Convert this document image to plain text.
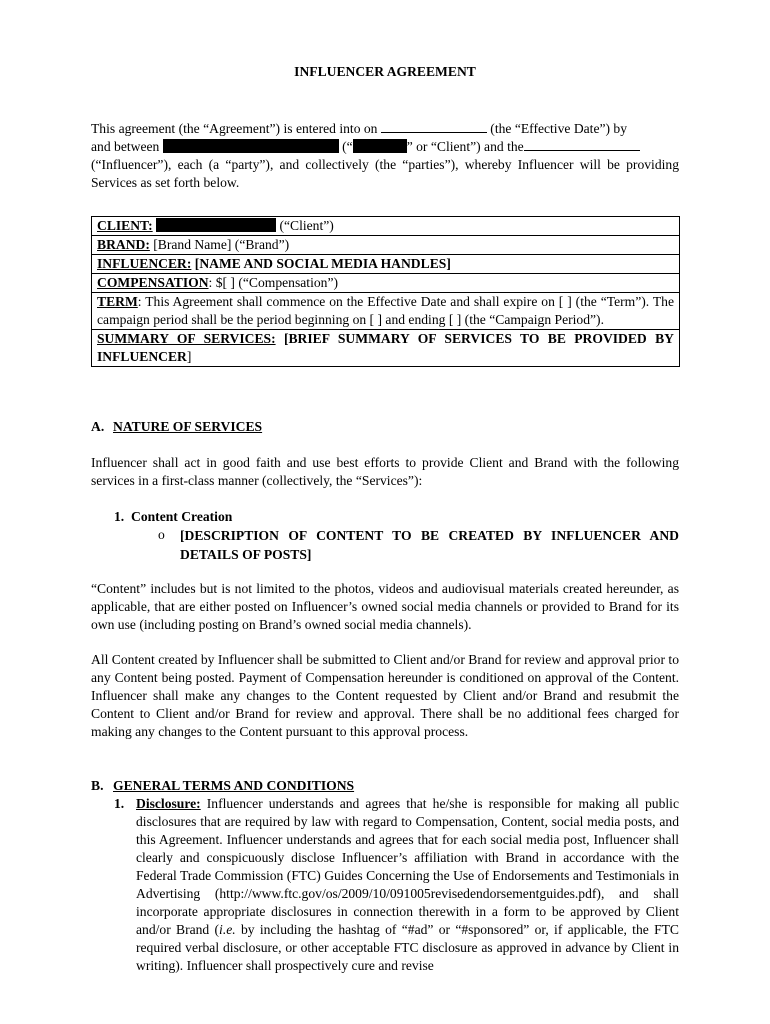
INFLUENCER AGREEMENT
This agreement (the “Agreement”) is entered into on	(the “Effective Date”) by
and between	(“	” or “Client”) and the
(“Influencer”), each (a “party”), and collectively (the “parties”), whereby Influencer will be providing Services as set forth below.
CLIENT:	(“Client”)
BRAND: [Brand Name] (“Brand”)
INFLUENCER: [NAME AND SOCIAL MEDIA HANDLES]
COMPENSATION: $[ ] (“Compensation”)
TERM: This Agreement shall commence on the Effective Date and shall expire on [ ] (the “Term”). The campaign period shall be the period beginning on [ ] and ending [ ] (the “Campaign Period”).
SUMMARY OF SERVICES: [BRIEF SUMMARY OF SERVICES TO BE PROVIDED BY INFLUENCER]
A. NATURE OF SERVICES
Influencer shall act in good faith and use best efforts to provide Client and Brand with the following services in a first-class manner (collectively, the “Services”):
1. Content Creation
o [DESCRIPTION OF CONTENT TO BE CREATED BY INFLUENCER AND DETAILS OF POSTS]
“Content” includes but is not limited to the photos, videos and audiovisual materials created hereunder, as applicable, that are either posted on Influencer’s owned social media channels or provided to Brand for its own use (including posting on Brand’s owned social media channels).
All Content created by Influencer shall be submitted to Client and/or Brand for review and approval prior to any Content being posted. Payment of Compensation hereunder is conditioned on approval of the Content. Influencer shall make any changes to the Content requested by Client and/or Brand and resubmit the Content to Client and/or Brand for review and approval. There shall be no additional fees charged for making any changes to the Content pursuant to this approval process.
B. GENERAL TERMS AND CONDITIONS
1. Disclosure: Influencer understands and agrees that he/she is responsible for making all public disclosures that are required by law with regard to Compensation, Content, social media posts, and this Agreement. Influencer understands and agrees that for each social media post, Influencer shall clearly and conspicuously disclose Influencer’s affiliation with Brand in accordance with the Federal Trade Commission (FTC) Guides Concerning the Use of Endorsements and Testimonials in Advertising (http://www.ftc.gov/os/2009/10/091005revisedendorsementguides.pdf), and shall incorporate appropriate disclosures in connection therewith in a form to be approved by Client and/or Brand (i.e. by including the hashtag of “#ad” or “#sponsored” or, if applicable, the FTC required verbal disclosure, or other acceptable FTC disclosure as approved in advance by Client in writing). Influencer shall prospectively cure and revise
